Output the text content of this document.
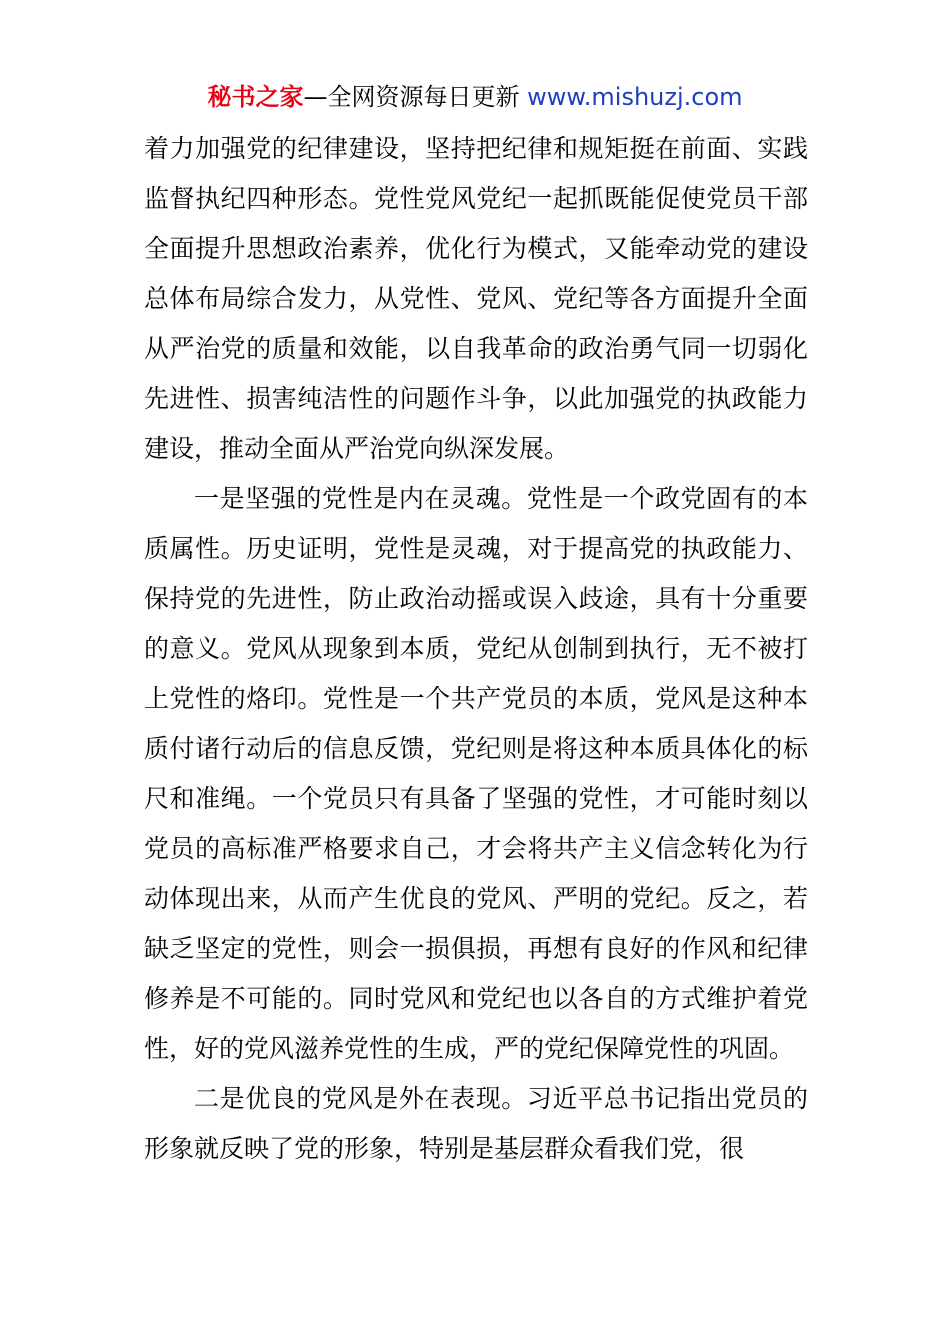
秘书之家—全网资源每日更新 www.mishuzj.com

着力加强党的纪律建设，坚持把纪律和规矩挺在前面、实践监督执纪四种形态。党性党风党纪一起抓既能促使党员干部全面提升思想政治素养，优化行为模式，又能牵动党的建设总体布局综合发力，从党性、党风、党纪等各方面提升全面从严治党的质量和效能，以自我革命的政治勇气同一切弱化先进性、损害纯洁性的问题作斗争，以此加强党的执政能力建设，推动全面从严治党向纵深发展。

一是坚强的党性是内在灵魂。党性是一个政党固有的本质属性。历史证明，党性是灵魂，对于提高党的执政能力、保持党的先进性，防止政治动摇或误入歧途，具有十分重要的意义。党风从现象到本质，党纪从创制到执行，无不被打上党性的烙印。党性是一个共产党员的本质，党风是这种本质付诸行动后的信息反馈，党纪则是将这种本质具体化的标尺和准绳。一个党员只有具备了坚强的党性，才可能时刻以党员的高标准严格要求自己，才会将共产主义信念转化为行动体现出来，从而产生优良的党风、严明的党纪。反之，若缺乏坚定的党性，则会一损俱损，再想有良好的作风和纪律修养是不可能的。同时党风和党纪也以各自的方式维护着党性，好的党风滋养党性的生成，严的党纪保障党性的巩固。

二是优良的党风是外在表现。习近平总书记指出党员的形象就反映了党的形象，特别是基层群众看我们党，很
